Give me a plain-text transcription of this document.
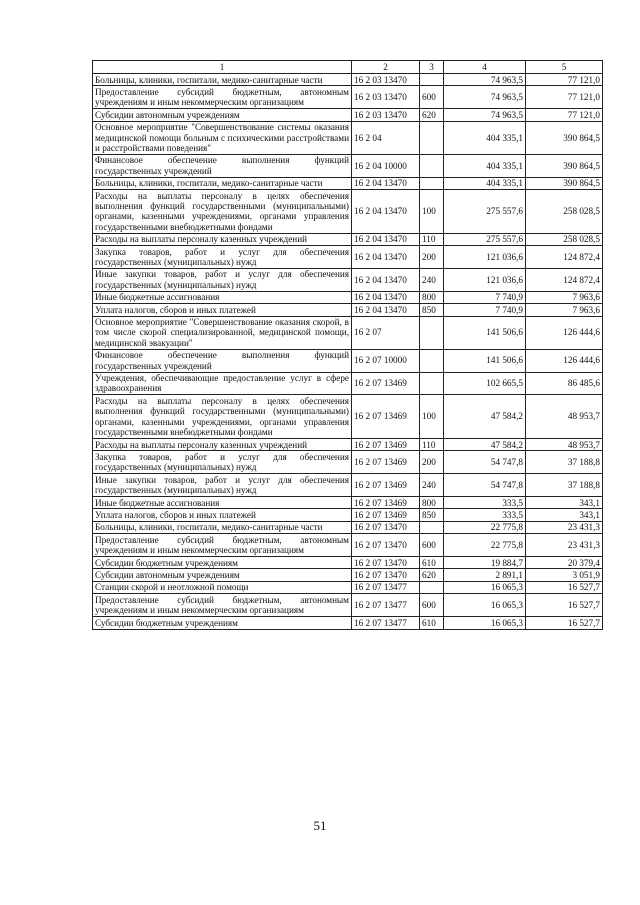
1	2	3	4	5
Больницы, клиники, госпитали, медико-санитарные части	16 2 03 13470		74 963,5	77 121,0
Предоставление субсидий бюджетным, автономным учреждениям и иным некоммерческим организациям	16 2 03 13470	600	74 963,5	77 121,0
Субсидии автономным учреждениям	16 2 03 13470	620	74 963,5	77 121,0
Основное мероприятие "Совершенствование системы оказания медицинской помощи больным с психическими расстройствами и расстройствами поведения"	16 2 04		404 335,1	390 864,5
Финансовое обеспечение выполнения функций государственных учреждений	16 2 04 10000		404 335,1	390 864,5
Больницы, клиники, госпитали, медико-санитарные части	16 2 04 13470		404 335,1	390 864,5
Расходы на выплаты персоналу в целях обеспечения выполнения функций государственными (муниципальными) органами, казенными учреждениями, органами управления государственными внебюджетными фондами	16 2 04 13470	100	275 557,6	258 028,5
Расходы на выплаты персоналу казенных учреждений	16 2 04 13470	110	275 557,6	258 028,5
Закупка товаров, работ и услуг для обеспечения государственных (муниципальных) нужд	16 2 04 13470	200	121 036,6	124 872,4
Иные закупки товаров, работ и услуг для обеспечения государственных (муниципальных) нужд	16 2 04 13470	240	121 036,6	124 872,4
Иные бюджетные ассигнования	16 2 04 13470	800	7 740,9	7 963,6
Уплата налогов, сборов и иных платежей	16 2 04 13470	850	7 740,9	7 963,6
Основное мероприятие "Совершенствование оказания скорой, в том числе скорой специализированной, медицинской помощи, медицинской эвакуации"	16 2 07		141 506,6	126 444,6
Финансовое обеспечение выполнения функций государственных учреждений	16 2 07 10000		141 506,6	126 444,6
Учреждения, обеспечивающие предоставление услуг в сфере здравоохранения	16 2 07 13469		102 665,5	86 485,6
Расходы на выплаты персоналу в целях обеспечения выполнения функций государственными (муниципальными) органами, казенными учреждениями, органами управления государственными внебюджетными фондами	16 2 07 13469	100	47 584,2	48 953,7
Расходы на выплаты персоналу казенных учреждений	16 2 07 13469	110	47 584,2	48 953,7
Закупка товаров, работ и услуг для обеспечения государственных (муниципальных) нужд	16 2 07 13469	200	54 747,8	37 188,8
Иные закупки товаров, работ и услуг для обеспечения государственных (муниципальных) нужд	16 2 07 13469	240	54 747,8	37 188,8
Иные бюджетные ассигнования	16 2 07 13469	800	333,5	343,1
Уплата налогов, сборов и иных платежей	16 2 07 13469	850	333,5	343,1
Больницы, клиники, госпитали, медико-санитарные части	16 2 07 13470		22 775,8	23 431,3
Предоставление субсидий бюджетным, автономным учреждениям и иным некоммерческим организациям	16 2 07 13470	600	22 775,8	23 431,3
Субсидии бюджетным учреждениям	16 2 07 13470	610	19 884,7	20 379,4
Субсидии автономным учреждениям	16 2 07 13470	620	2 891,1	3 051,9
Станции скорой и неотложной помощи	16 2 07 13477		16 065,3	16 527,7
Предоставление субсидий бюджетным, автономным учреждениям и иным некоммерческим организациям	16 2 07 13477	600	16 065,3	16 527,7
Субсидии бюджетным учреждениям	16 2 07 13477	610	16 065,3	16 527,7
51
